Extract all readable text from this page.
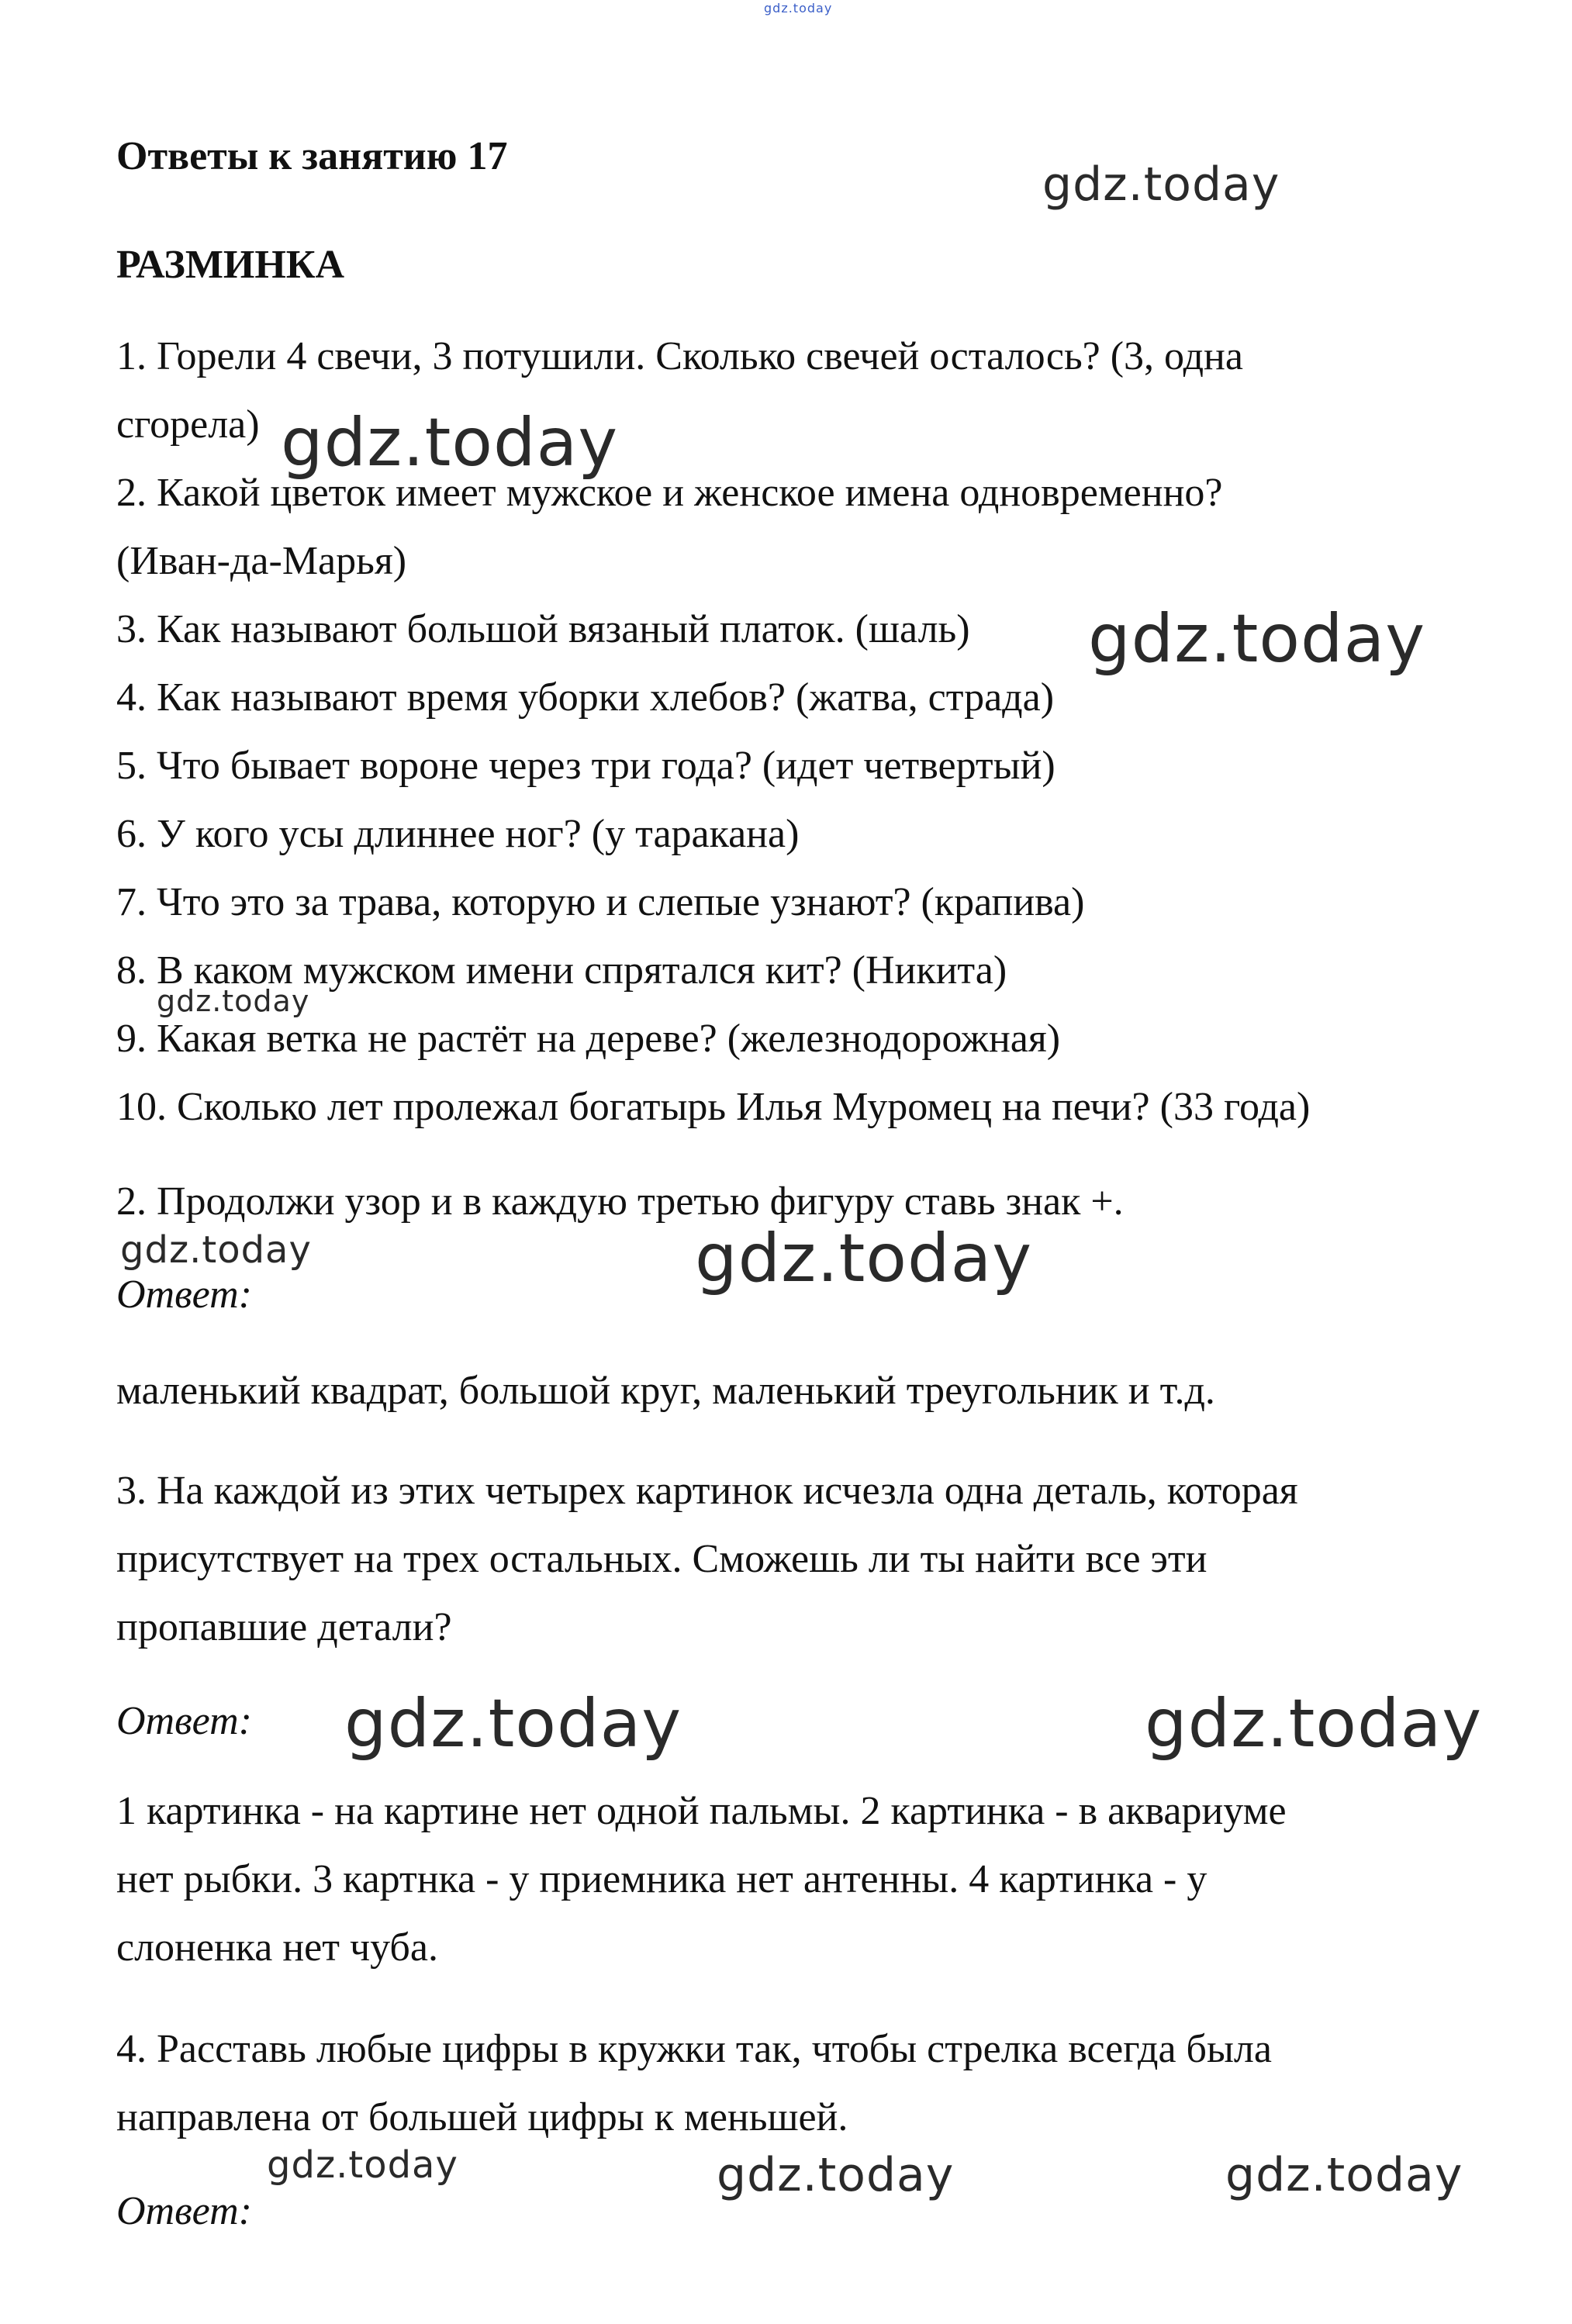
gdz.today
Ответы к занятию 17
РАЗМИНКА

1. Горели 4 свечи, 3 потушили. Сколько свечей осталось? (3, одна

сгорела)

2. Какой цветок имеет мужское и женское имена одновременно?

(Иван-да-Марья)

3. Как называют большой вязаный платок. (шаль)

4. Как называют время уборки хлебов? (жатва, страда)

5. Что бывает вороне через три года? (идет четвертый)

6. У кого усы длиннее ног? (у таракана)

7. Что это за трава, которую и слепые узнают? (крапива)

8. В каком мужском имени спрятался кит? (Никита)

9. Какая ветка не растёт на дереве? (железнодорожная)

10. Сколько лет пролежал богатырь Илья Муромец на печи? (33 года)

2. Продолжи узор и в каждую третью фигуру ставь знак +.

Ответ:

маленький квадрат, большой круг, маленький треугольник и т.д.

3. На каждой из этих четырех картинок исчезла одна деталь, которая

присутствует на трех остальных. Сможешь ли ты найти все эти

пропавшие детали?

Ответ:

1 картинка - на картине нет одной пальмы. 2 картинка - в аквариуме

нет рыбки. 3 картнка - у приемника нет антенны. 4 картинка - у

слоненка нет чуба.

4. Расставь любые цифры в кружки так, чтобы стрелка всегда была

направлена от большей цифры к меньшей.

Ответ:

gdz.today
gdz.today
gdz.today
gdz.today
gdz.today	gdz.today
gdz.today	gdz.today
gdz.today	gdz.today	gdz.today
